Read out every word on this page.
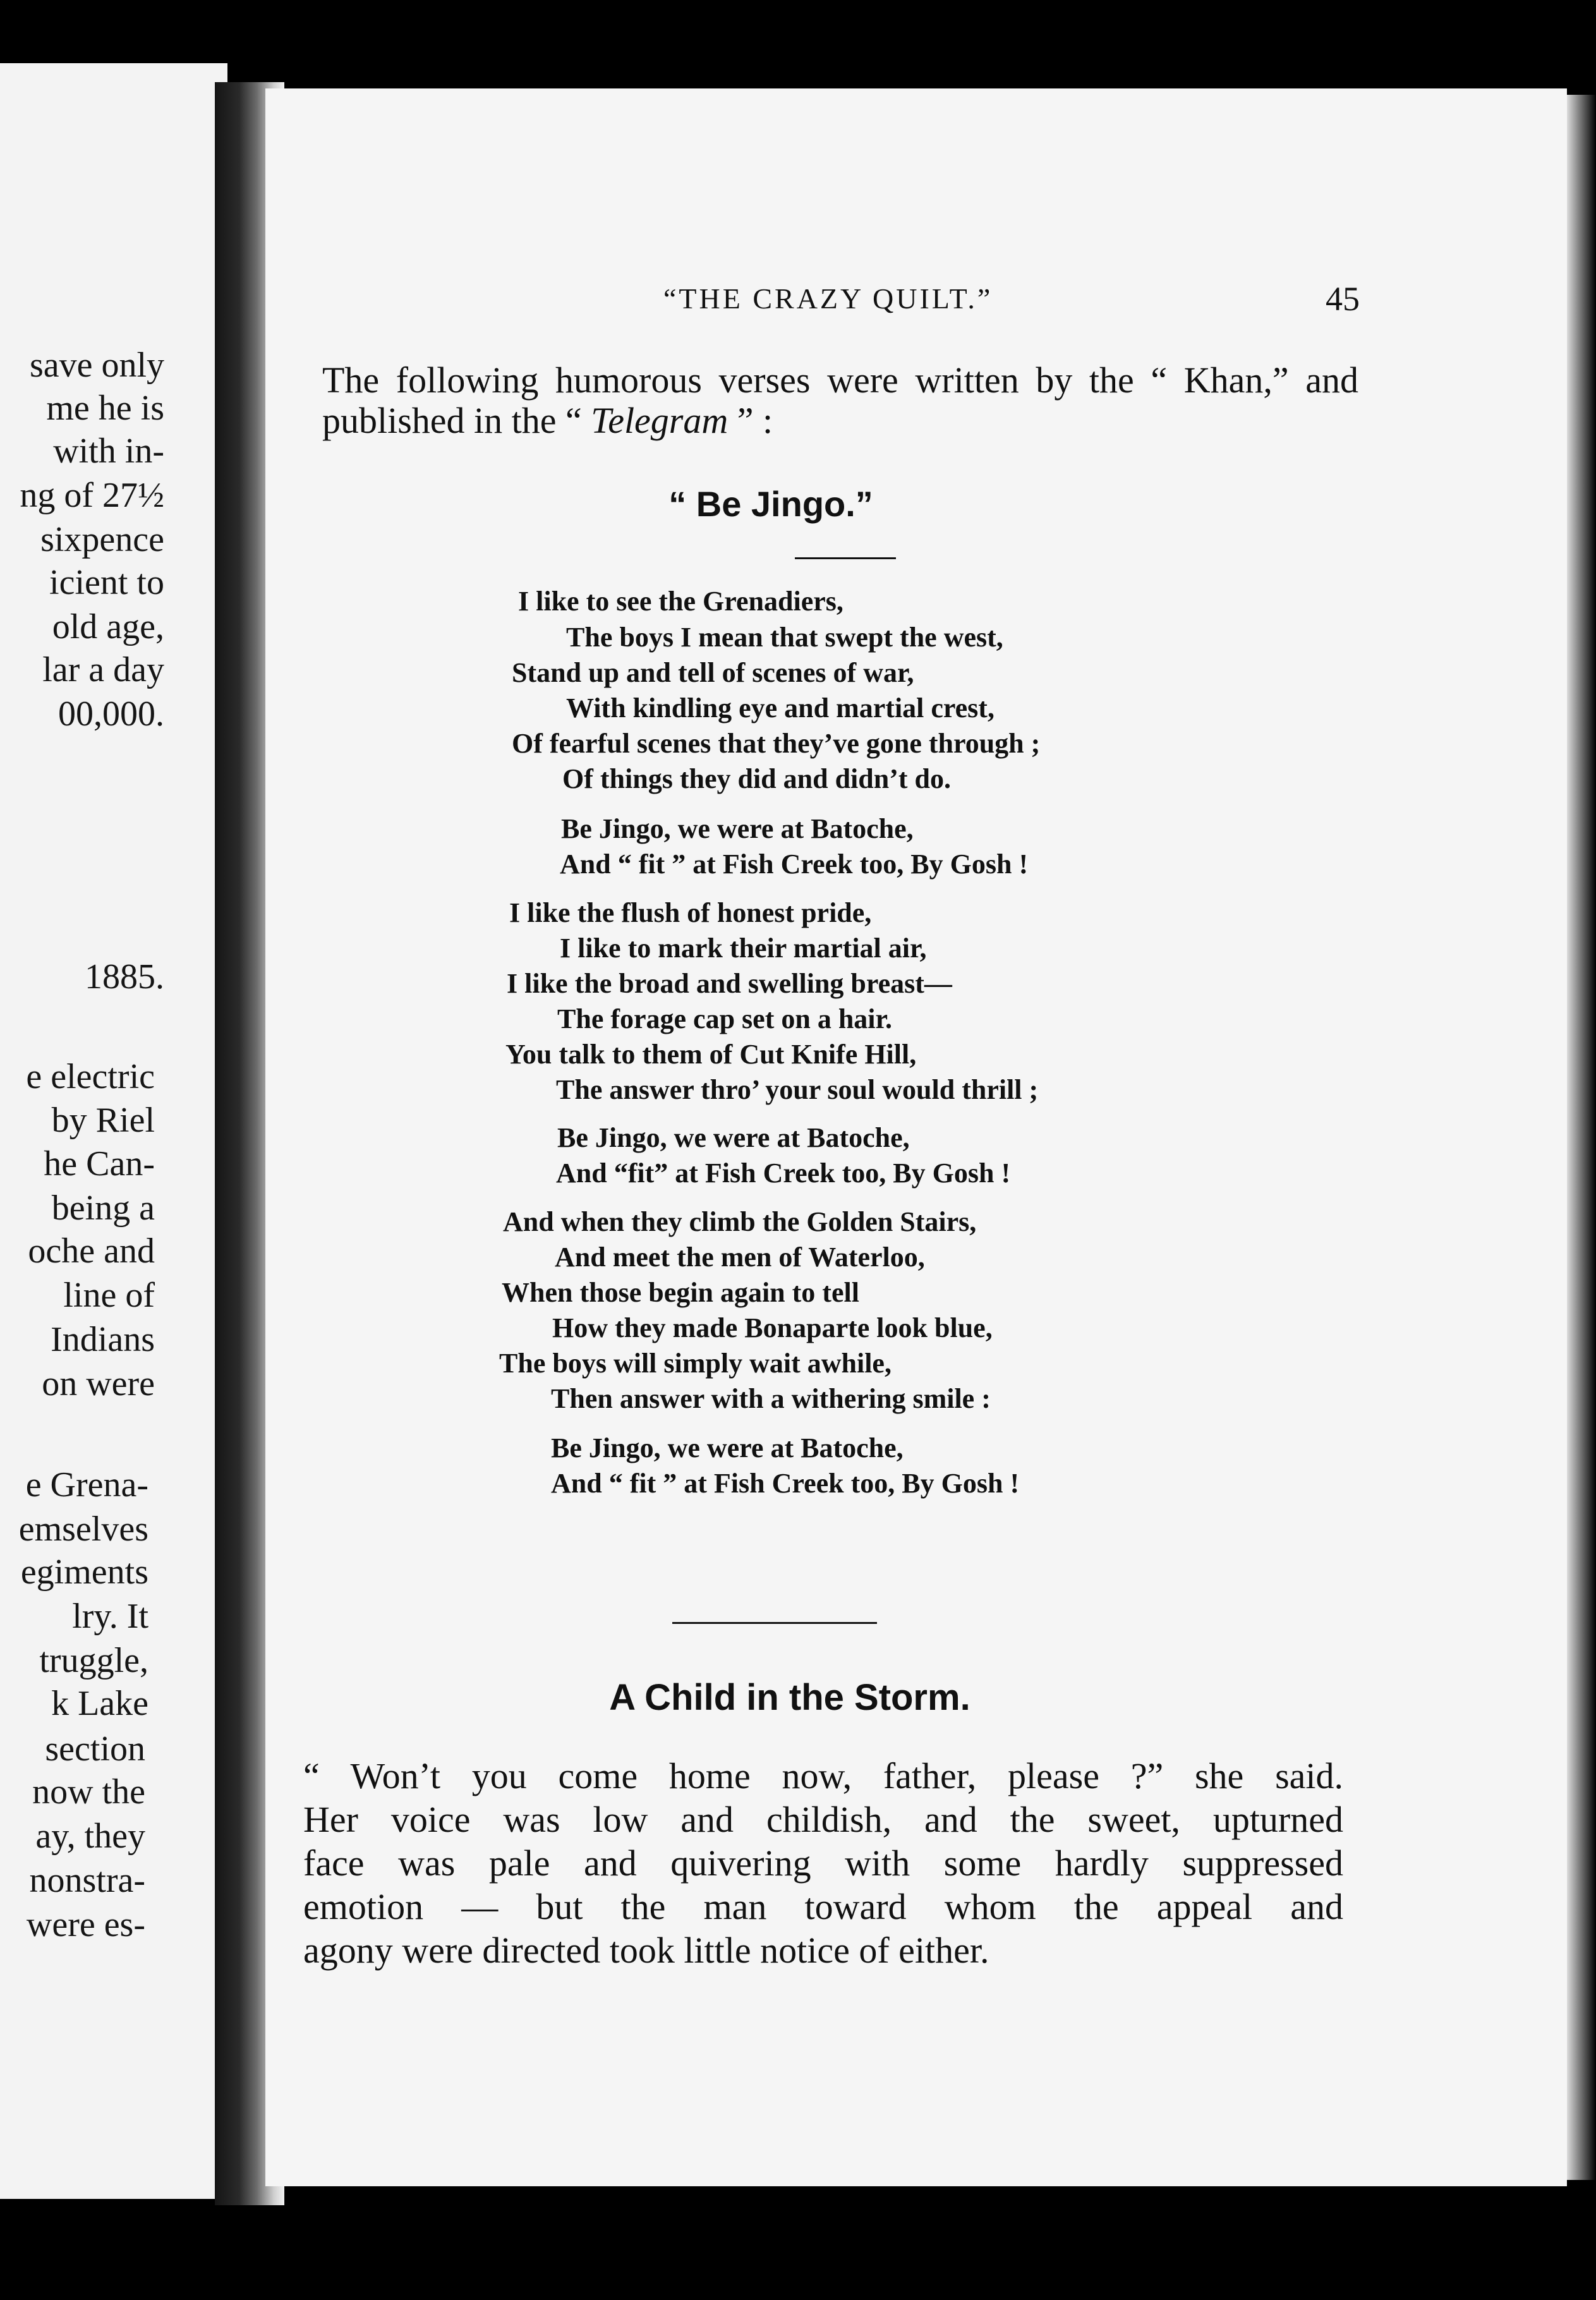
save only
me he is
with in-
ng of 27½
sixpence
icient to
old age,
lar a day
00,000.
1885.
e electric
by Riel
he Can-
being a
oche and
line of
Indians
on were
e Grena-
emselves
egiments
lry. It
truggle,
k Lake
section
now the
ay, they
nonstra-
were es-
“THE CRAZY QUILT.”	45
The following humorous verses were written by the “ Khan,” and published in the “ Telegram ” :
“ Be Jingo.”
I like to see the Grenadiers,
The boys I mean that swept the west,
Stand up and tell of scenes of war,
With kindling eye and martial crest,
Of fearful scenes that they’ve gone through ;
Of things they did and didn’t do.
Be Jingo, we were at Batoche,
And “ fit ” at Fish Creek too, By Gosh !
I like the flush of honest pride,
I like to mark their martial air,
I like the broad and swelling breast—
The forage cap set on a hair.
You talk to them of Cut Knife Hill,
The answer thro’ your soul would thrill ;
Be Jingo, we were at Batoche,
And “fit” at Fish Creek too, By Gosh !
And when they climb the Golden Stairs,
And meet the men of Waterloo,
When those begin again to tell
How they made Bonaparte look blue,
The boys will simply wait awhile,
Then answer with a withering smile :
Be Jingo, we were at Batoche,
And “ fit ” at Fish Creek too, By Gosh !
A Child in the Storm.
“ Won’t you come home now, father, please ?” she said.
Her voice was low and childish, and the sweet, upturned
face was pale and quivering with some hardly suppressed
emotion — but the man toward whom the appeal and
agony were directed took little notice of either.
